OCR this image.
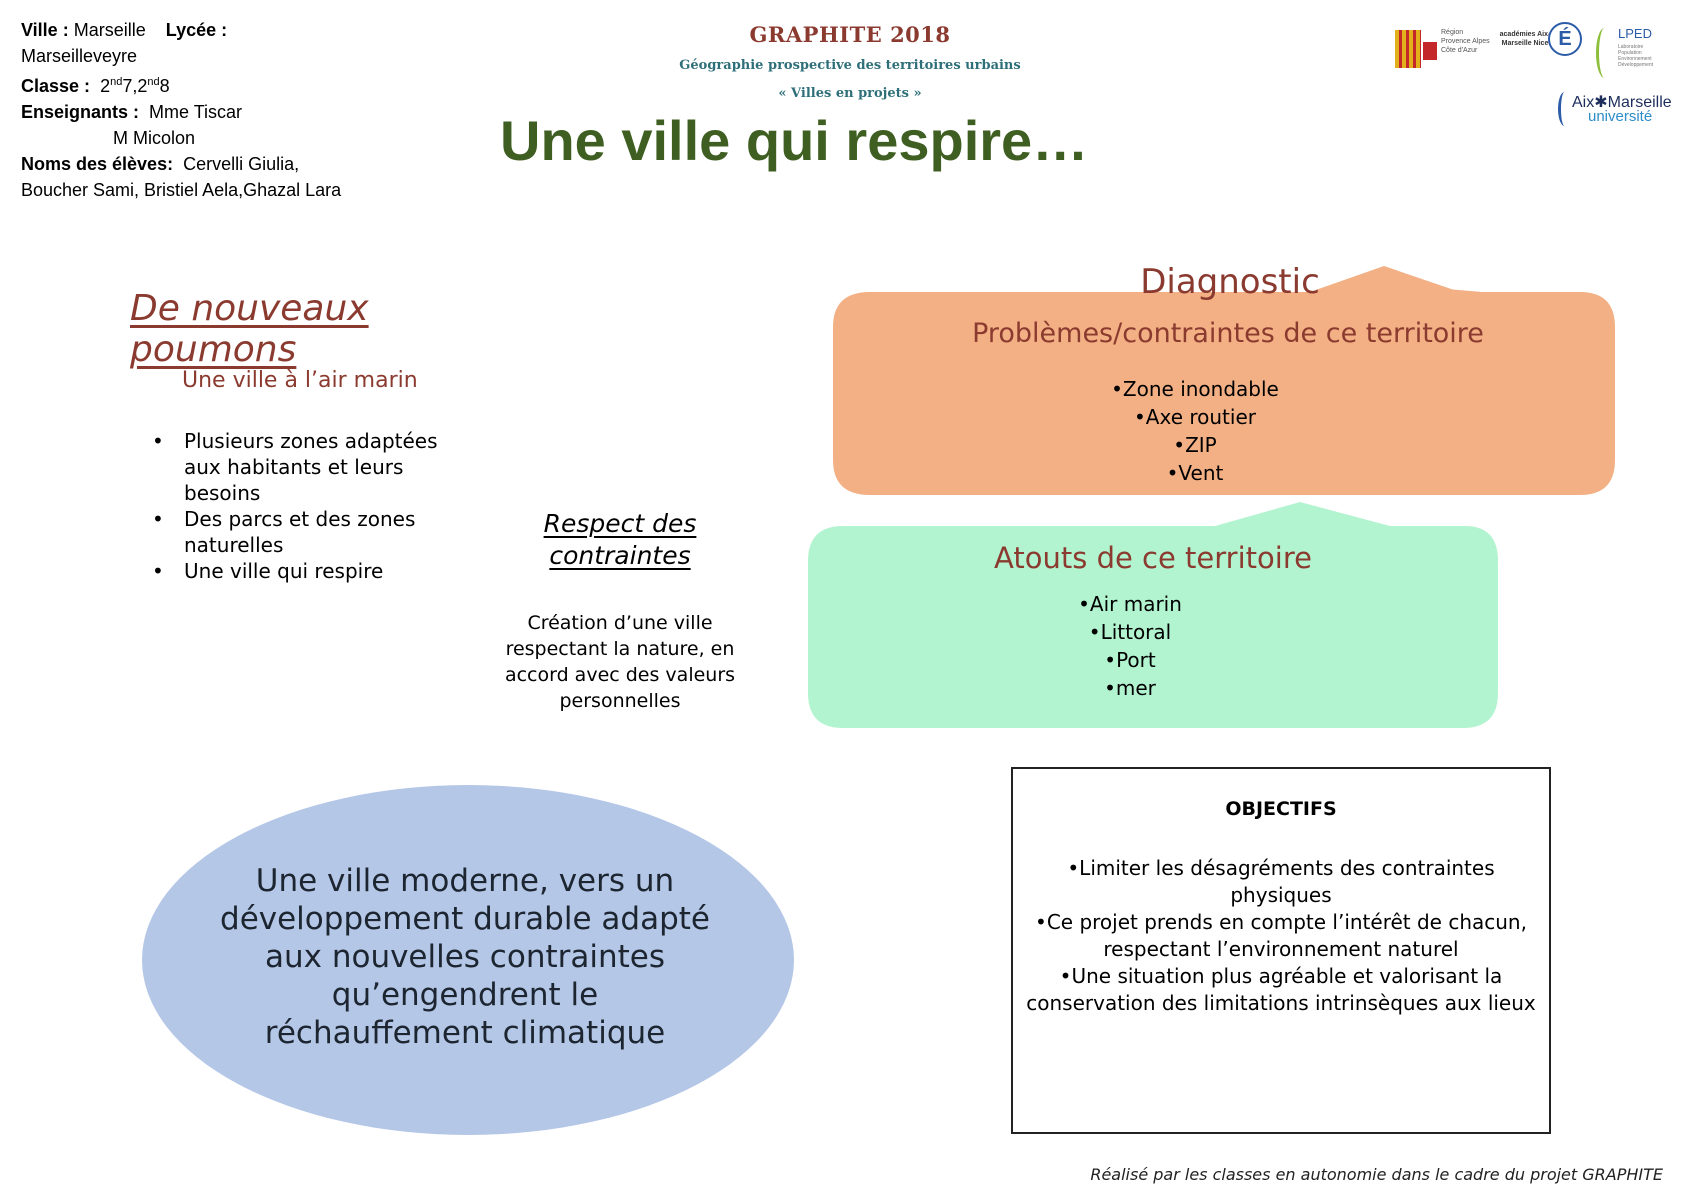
Ville : Marseille Lycée :
Marseilleveyre
Classe : 2nd7,2nd8
Enseignants : Mme Tiscar
M Micolon
Noms des élèves: Cervelli Giulia, Boucher Sami, Bristiel Aela,Ghazal Lara
GRAPHITE 2018
Géographie prospective des territoires urbains
« Villes en projets »
Une ville qui respire…
Région Provence Alpes Côte d'Azur
académies Aix-Marseille Nice É	LPED
Laboratoire Population Environnement Développement
Aix✱Marseille
université
De nouveaux poumons
Une ville à l’air marin
• Plusieurs zones adaptées aux habitants et leurs besoins
• Des parcs et des zones naturelles
• Une ville qui respire
Respect des contraintes
Création d’une ville respectant la nature, en accord avec des valeurs personnelles
Diagnostic
Problèmes/contraintes de ce territoire
•Zone inondable
•Axe routier
•ZIP
•Vent
Atouts de ce territoire
•Air marin
•Littoral
•Port
•mer
Une ville moderne, vers un développement durable adapté aux nouvelles contraintes qu’engendrent le réchauffement climatique
OBJECTIFS
•Limiter les désagréments des contraintes physiques
•Ce projet prends en compte l’intérêt de chacun, respectant l’environnement naturel
•Une situation plus agréable et valorisant la conservation des limitations intrinsèques aux lieux
Réalisé par les classes en autonomie dans le cadre du projet GRAPHITE
